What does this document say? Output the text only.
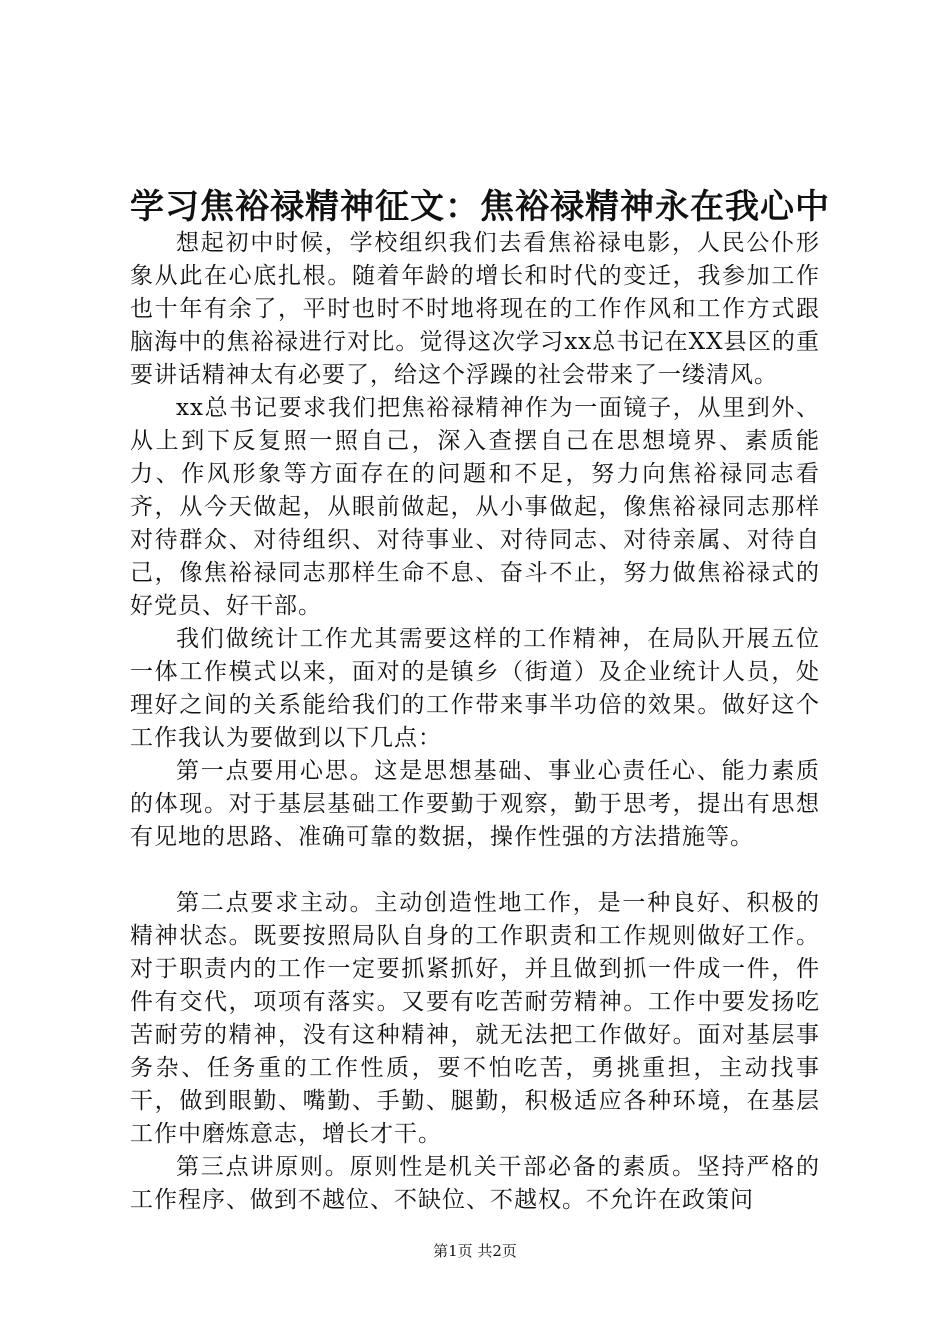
学习焦裕禄精神征文：焦裕禄精神永在我心中

想起初中时候，学校组织我们去看焦裕禄电影，人民公仆形象从此在心底扎根。随着年龄的增长和时代的变迁，我参加工作也十年有余了，平时也时不时地将现在的工作作风和工作方式跟脑海中的焦裕禄进行对比。觉得这次学习xx总书记在XX县区的重要讲话精神太有必要了，给这个浮躁的社会带来了一缕清风。

xx总书记要求我们把焦裕禄精神作为一面镜子，从里到外、从上到下反复照一照自己，深入查摆自己在思想境界、素质能力、作风形象等方面存在的问题和不足，努力向焦裕禄同志看齐，从今天做起，从眼前做起，从小事做起，像焦裕禄同志那样对待群众、对待组织、对待事业、对待同志、对待亲属、对待自己，像焦裕禄同志那样生命不息、奋斗不止，努力做焦裕禄式的好党员、好干部。

我们做统计工作尤其需要这样的工作精神，在局队开展五位一体工作模式以来，面对的是镇乡（街道）及企业统计人员，处理好之间的关系能给我们的工作带来事半功倍的效果。做好这个工作我认为要做到以下几点：

第一点要用心思。这是思想基础、事业心责任心、能力素质的体现。对于基层基础工作要勤于观察，勤于思考，提出有思想有见地的思路、准确可靠的数据，操作性强的方法措施等。

第二点要求主动。主动创造性地工作，是一种良好、积极的精神状态。既要按照局队自身的工作职责和工作规则做好工作。对于职责内的工作一定要抓紧抓好，并且做到抓一件成一件，件件有交代，项项有落实。又要有吃苦耐劳精神。工作中要发扬吃苦耐劳的精神，没有这种精神，就无法把工作做好。面对基层事务杂、任务重的工作性质，要不怕吃苦，勇挑重担，主动找事干，做到眼勤、嘴勤、手勤、腿勤，积极适应各种环境，在基层工作中磨炼意志，增长才干。

第三点讲原则。原则性是机关干部必备的素质。坚持严格的工作程序、做到不越位、不缺位、不越权。不允许在政策问

第1页 共2页
